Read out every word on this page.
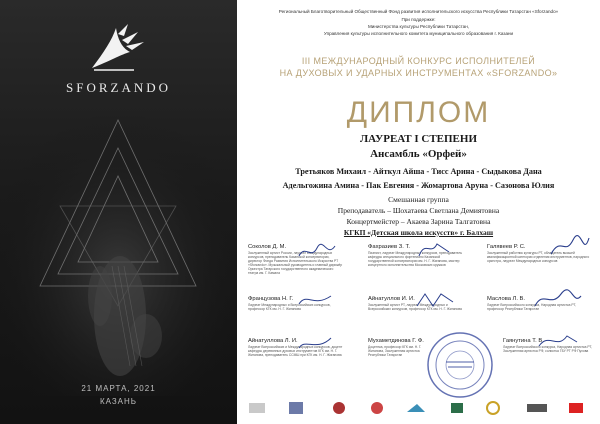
SFORZANDO
21 МАРТА, 2021
КАЗАНЬ
Региональный Благотворительный Общественный Фонд развития исполнительского искусства Республики Татарстан «Sforzando»
При поддержке:
Министерства культуры Республики Татарстан,
Управления культуры исполнительного комитета муниципального образования г. Казани
III МЕЖДУНАРОДНЫЙ КОНКУРС ИСПОЛНИТЕЛЕЙ
НА ДУХОВЫХ И УДАРНЫХ ИНСТРУМЕНТАХ «SFORZANDO»
ДИПЛОМ
ЛАУРЕАТ I СТЕПЕНИ
Ансамбль «Орфей»
Третьяков Михаил - Айткул Айша - Тисс Арина - Сыдыкова Дана
Адельгожина Амина - Пак Евгения - Жомартова Аруна - Сазонова Юлия
Смешанная группа
Преподаватель – Шохатаева Светлана Демиятовна
Концертмейстер – Акаева Зарина Талгатовна
КГКП «Детская школа искусств» г. Балхаш
Соколов Д. М.
Заслуженный артист России, лауреат Международных конкурсов, преподаватель Казанской консерватории, директор Фонда Развития Исполнительского Искусства РТ «Sforzando». Музыкальный руководитель и главный дирижёр Оркестра Татарского государственного академического театра им. Г. Камала
Фахразиев З. Т.
Пианист, лауреат Международных конкурсов, преподаватель кафедры специального фортепиано Казанской государственной консерватории им. Н. Г. Жиганова, мастер концертного исполнительства Московских кружков
Галявеев Р. С.
Заслуженный работник культуры РТ, обладатель высшей квалификационной категории отделения инструментов, народного оркестра, лауреат Международных конкурсов
Французова Н. Г.
Лауреат Международных и Всероссийских конкурсов, профессор КГК им. Н. Г. Жиганова
Айнатуллов И. И.
Заслуженный артист РТ, лауреат Международных и Всероссийских конкурсов, профессор КГК им. Н. Г. Жиганова
Маслова Л. В.
Лауреат Всероссийского конкурса, Народная артистка РТ, профессор Республики Татарстан
Айнатуллова Л. И.
Лауреат Всероссийских и Международных конкурсов, доцент кафедры деревянных духовых инструментов КГК им. Н. Г. Жиганова, преподаватель ССМШ при КГК им. Н. Г. Жиганова
Мухаметдинова Г. Ф.
Доцентка, профессор КГК им. Н. Г. Жиганова, Заслуженная артистка Республики Татарстан
Гаянутина Т. В.
Лауреат Всероссийского конкурса, Народная артистка РТ, Заслуженная артистка РФ, солистка ГБУ РТ РФ Пухова
